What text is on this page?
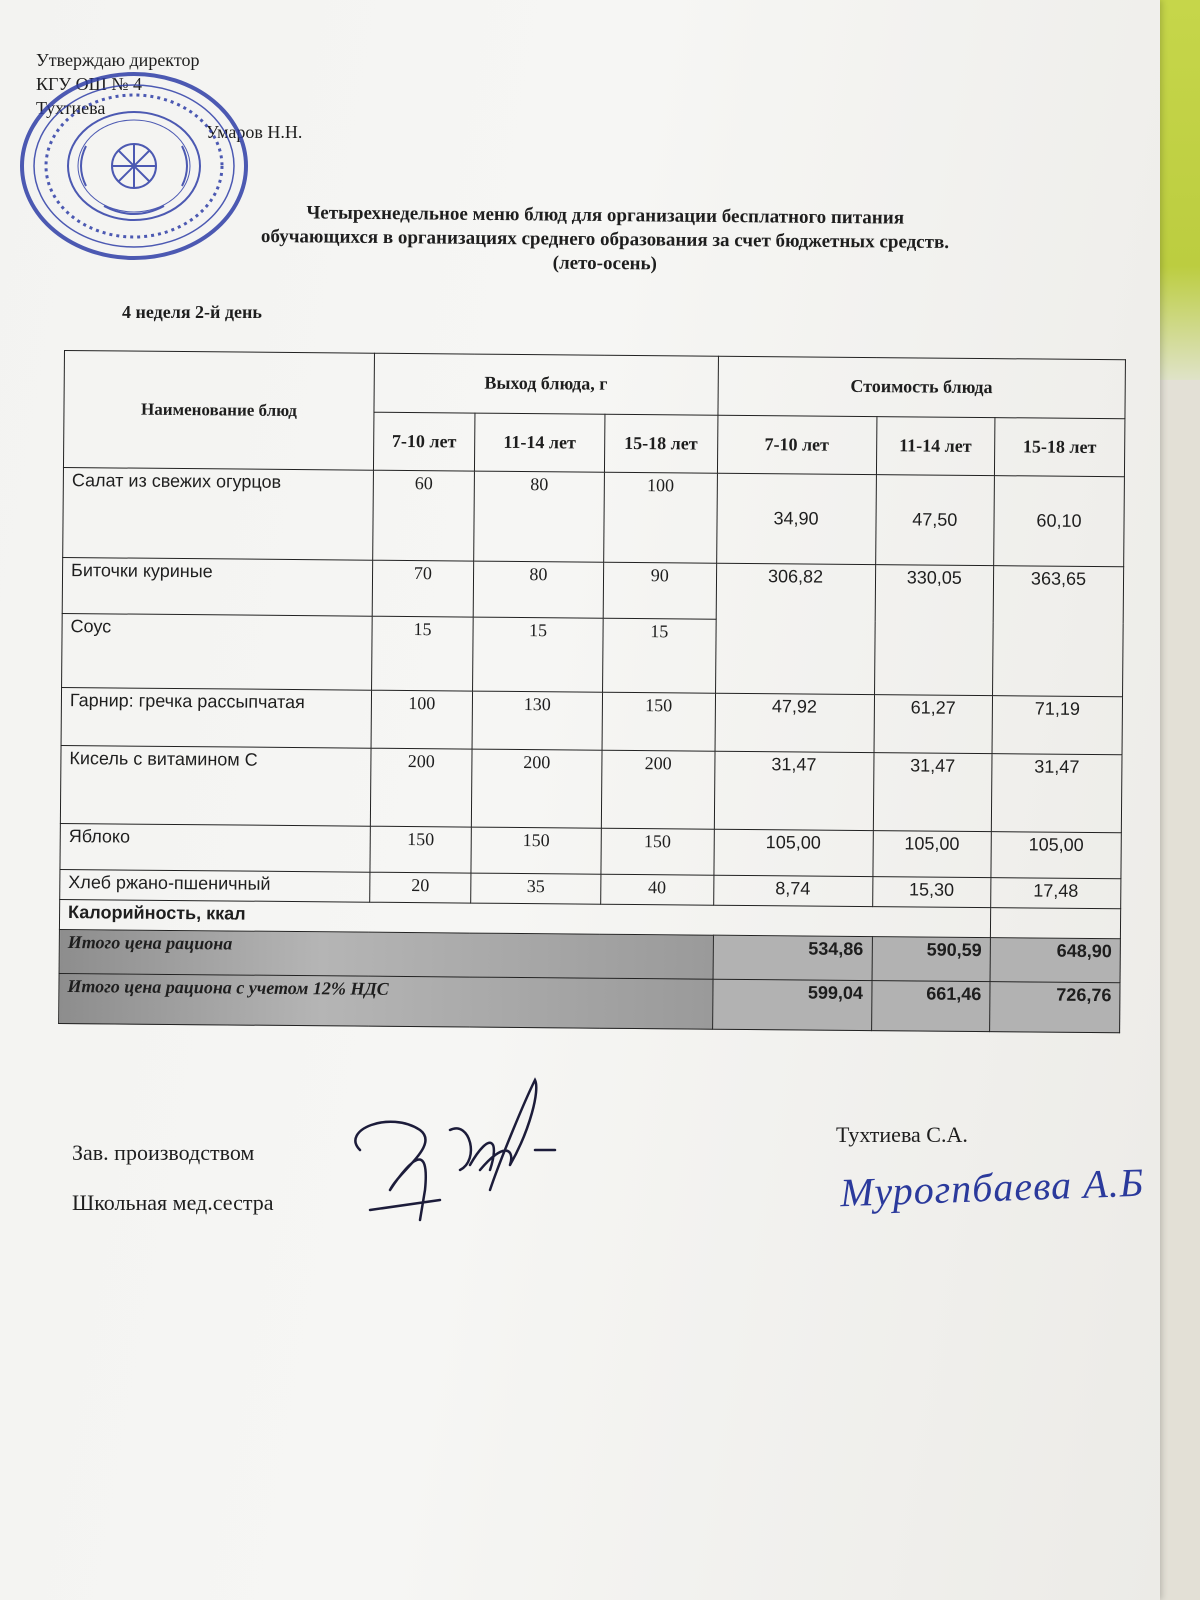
Утверждаю директор
КГУ ОШ № 4
Тухтиева
Умаров Н.Н.
Четырехнедельное меню блюд для организации бесплатного питания
обучающихся в организациях среднего образования за счет бюджетных средств.
(лето-осень)
4 неделя 2-й день
Наименование блюд	Выход блюда, г			Стоимость блюда		
	7-10 лет	11-14 лет	15-18 лет	7-10 лет	11-14 лет	15-18 лет
Салат из свежих огурцов	60	80	100	34,90	47,50	60,10
Биточки куриные	70	80	90	306,82	330,05	363,65
Соус	15	15	15			
Гарнир: гречка рассыпчатая	100	130	150	47,92	61,27	71,19
Кисель с витамином С	200	200	200	31,47	31,47	31,47
Яблоко	150	150	150	105,00	105,00	105,00
Хлеб ржано-пшеничный	20	35	40	8,74	15,30	17,48
Калорийность, ккал						
Итого цена рациона				534,86	590,59	648,90
Итого цена рациона с учетом 12% НДС				599,04	661,46	726,76
Зав. производством
Школьная мед.сестра
Тухтиева С.А.
Мурогпбаева А.Б
